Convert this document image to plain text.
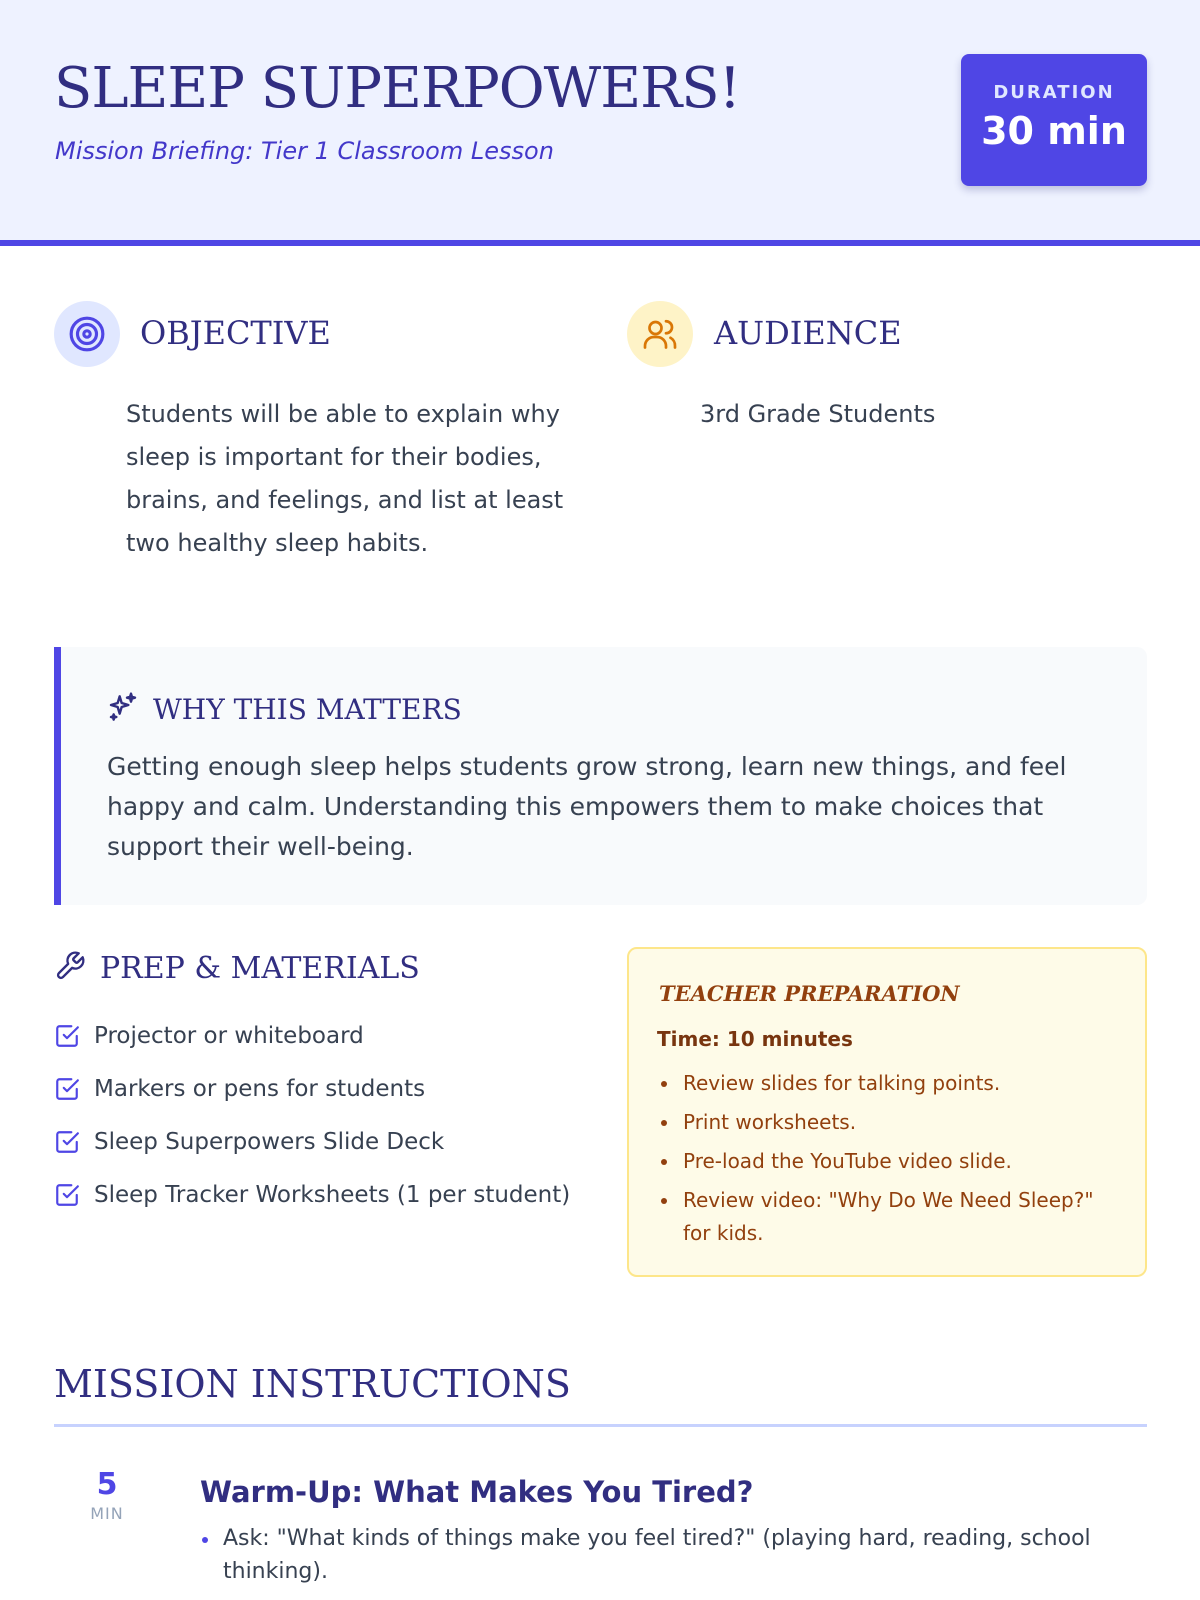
SLEEP SUPERPOWERS!
Mission Briefing: Tier 1 Classroom Lesson
DURATION
30 min
OBJECTIVE
Students will be able to explain why sleep is important for their bodies, brains, and feelings, and list at least two healthy sleep habits.
AUDIENCE
3rd Grade Students
WHY THIS MATTERS
Getting enough sleep helps students grow strong, learn new things, and feel happy and calm. Understanding this empowers them to make choices that support their well-being.
PREP & MATERIALS
Projector or whiteboard
Markers or pens for students
Sleep Superpowers Slide Deck
Sleep Tracker Worksheets (1 per student)
TEACHER PREPARATION
Time: 10 minutes
Review slides for talking points.
Print worksheets.
Pre-load the YouTube video slide.
Review video: "Why Do We Need Sleep?" for kids.
MISSION INSTRUCTIONS
5
MIN
Warm-Up: What Makes You Tired?
Ask: "What kinds of things make you feel tired?" (playing hard, reading, school thinking).
